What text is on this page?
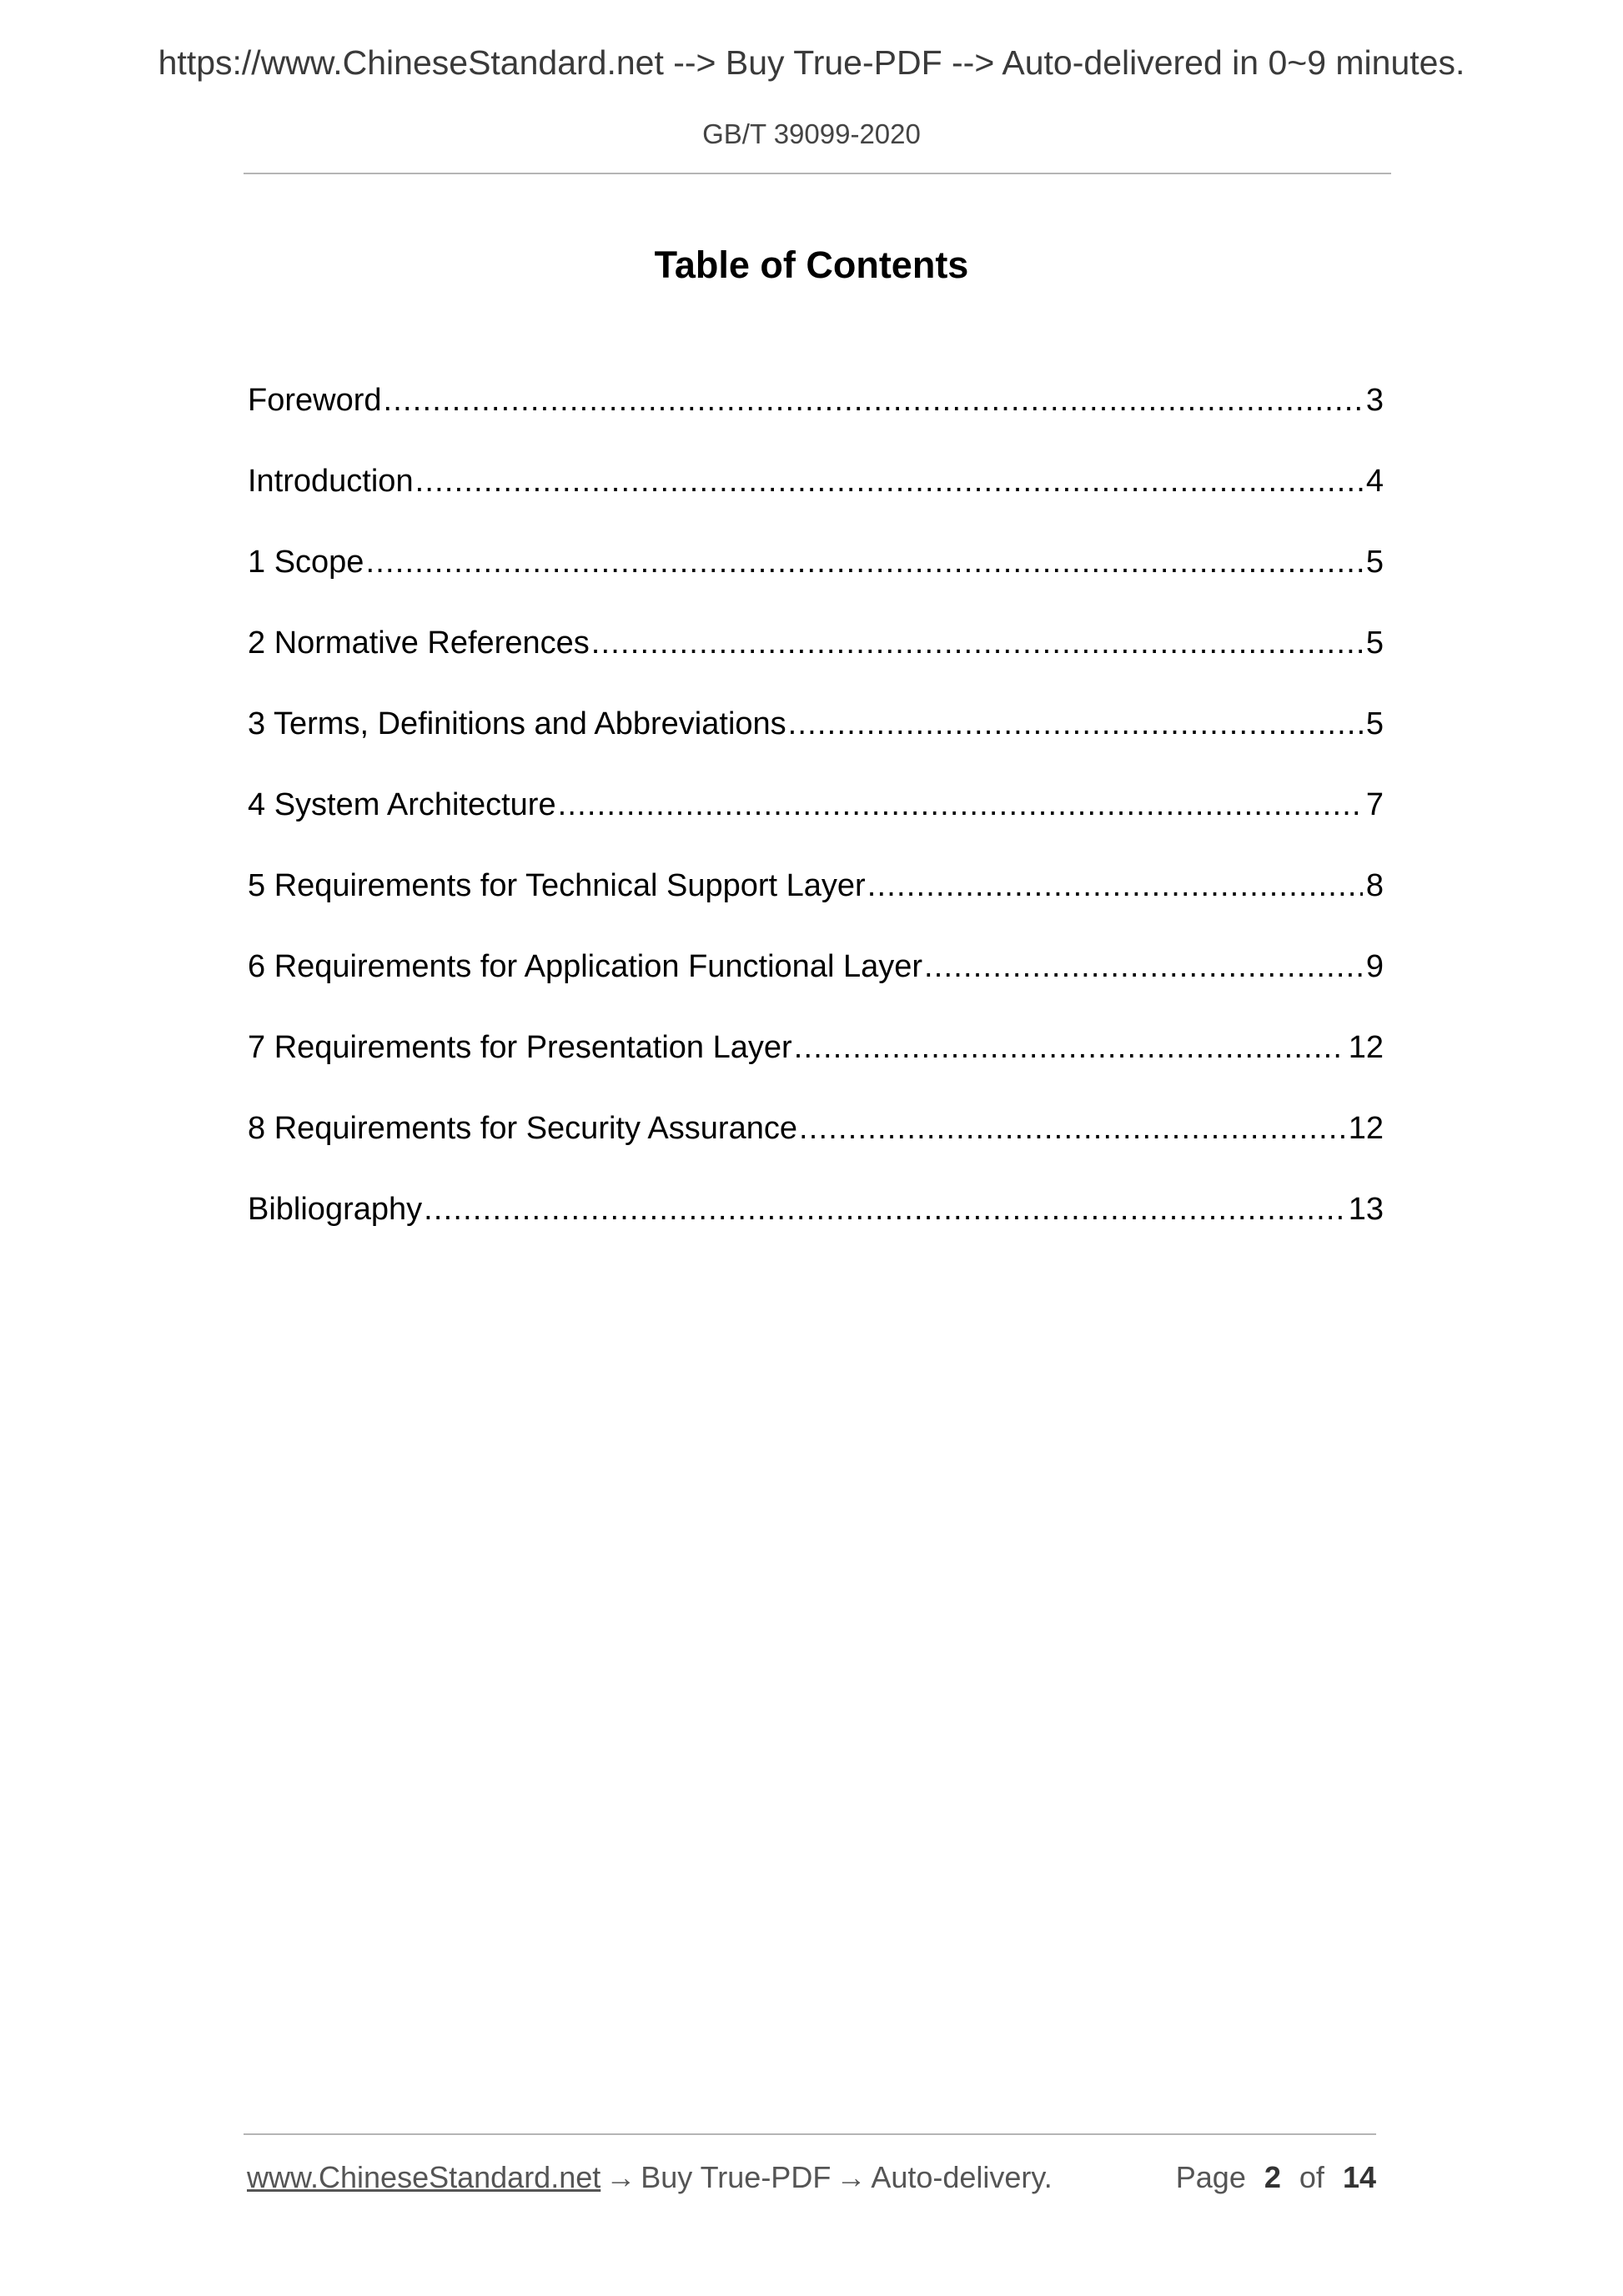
https://www.ChineseStandard.net --> Buy True-PDF --> Auto-delivered in 0~9 minutes.
GB/T 39099-2020
Table of Contents
Foreword .....	3
Introduction .....	4
1 Scope .....	5
2 Normative References .....	5
3 Terms, Definitions and Abbreviations .....	5
4 System Architecture .....	7
5 Requirements for Technical Support Layer .....	8
6 Requirements for Application Functional Layer .....	9
7 Requirements for Presentation Layer .....	12
8 Requirements for Security Assurance .....	12
Bibliography .....	13
www.ChineseStandard.net → Buy True-PDF → Auto-delivery.	Page 2 of 14
